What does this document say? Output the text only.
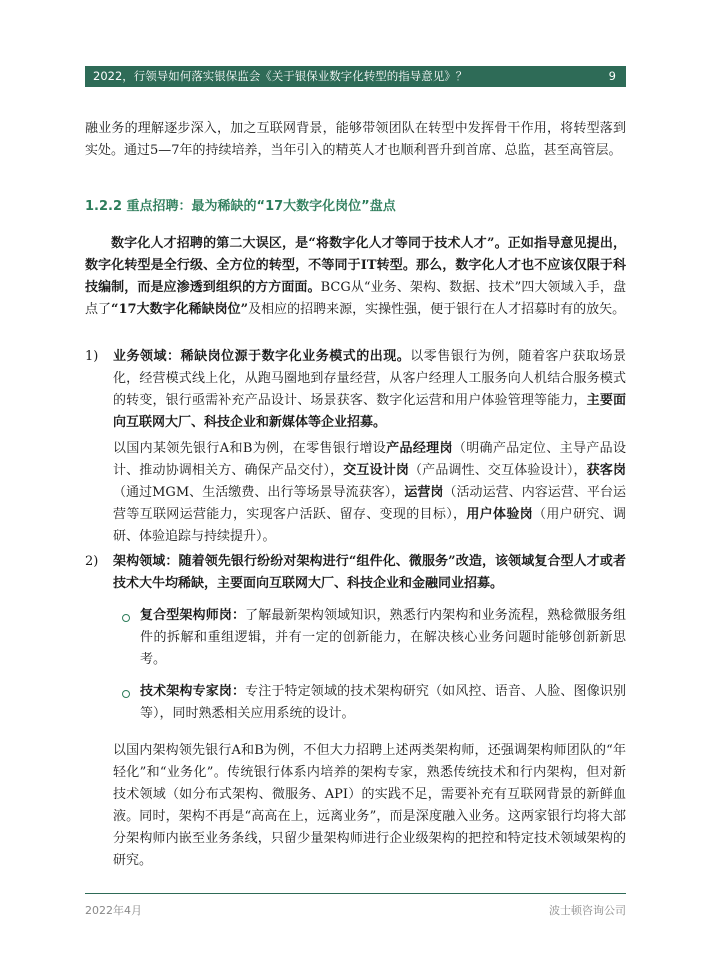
2022，行领导如何落实银保监会《关于银保业数字化转型的指导意见》？	9

融业务的理解逐步深入，加之互联网背景，能够带领团队在转型中发挥骨干作用，将转型落到实处。通过5—7年的持续培养，当年引入的精英人才也顺利晋升到首席、总监，甚至高管层。

1.2.2 重点招聘：最为稀缺的“17大数字化岗位”盘点

数字化人才招聘的第二大误区，是“将数字化人才等同于技术人才”。正如指导意见提出，数字化转型是全行级、全方位的转型，不等同于IT转型。那么，数字化人才也不应该仅限于科技编制，而是应渗透到组织的方方面面。BCG从“业务、架构、数据、技术”四大领域入手，盘点了“17大数字化稀缺岗位”及相应的招聘来源，实操性强，便于银行在人才招募时有的放矢。

1) 业务领域：稀缺岗位源于数字化业务模式的出现。以零售银行为例，随着客户获取场景化，经营模式线上化，从跑马圈地到存量经营，从客户经理人工服务向人机结合服务模式的转变，银行亟需补充产品设计、场景获客、数字化运营和用户体验管理等能力，主要面向互联网大厂、科技企业和新媒体等企业招募。

以国内某领先银行A和B为例，在零售银行增设产品经理岗（明确产品定位、主导产品设计、推动协调相关方、确保产品交付），交互设计岗（产品调性、交互体验设计），获客岗（通过MGM、生活缴费、出行等场景导流获客），运营岗（活动运营、内容运营、平台运营等互联网运营能力，实现客户活跃、留存、变现的目标），用户体验岗（用户研究、调研、体验追踪与持续提升）。

2) 架构领域：随着领先银行纷纷对架构进行“组件化、微服务”改造，该领域复合型人才或者技术大牛均稀缺，主要面向互联网大厂、科技企业和金融同业招募。

复合型架构师岗：了解最新架构领域知识，熟悉行内架构和业务流程，熟稔微服务组件的拆解和重组逻辑，并有一定的创新能力，在解决核心业务问题时能够创新新思考。

技术架构专家岗：专注于特定领域的技术架构研究（如风控、语音、人脸、图像识别等），同时熟悉相关应用系统的设计。

以国内架构领先银行A和B为例，不但大力招聘上述两类架构师，还强调架构师团队的“年轻化”和“业务化”。传统银行体系内培养的架构专家，熟悉传统技术和行内架构，但对新技术领域（如分布式架构、微服务、API）的实践不足，需要补充有互联网背景的新鲜血液。同时，架构不再是“高高在上，远离业务”，而是深度融入业务。这两家银行均将大部分架构师内嵌至业务条线，只留少量架构师进行企业级架构的把控和特定技术领域架构的研究。

2022年4月	波士顿咨询公司
